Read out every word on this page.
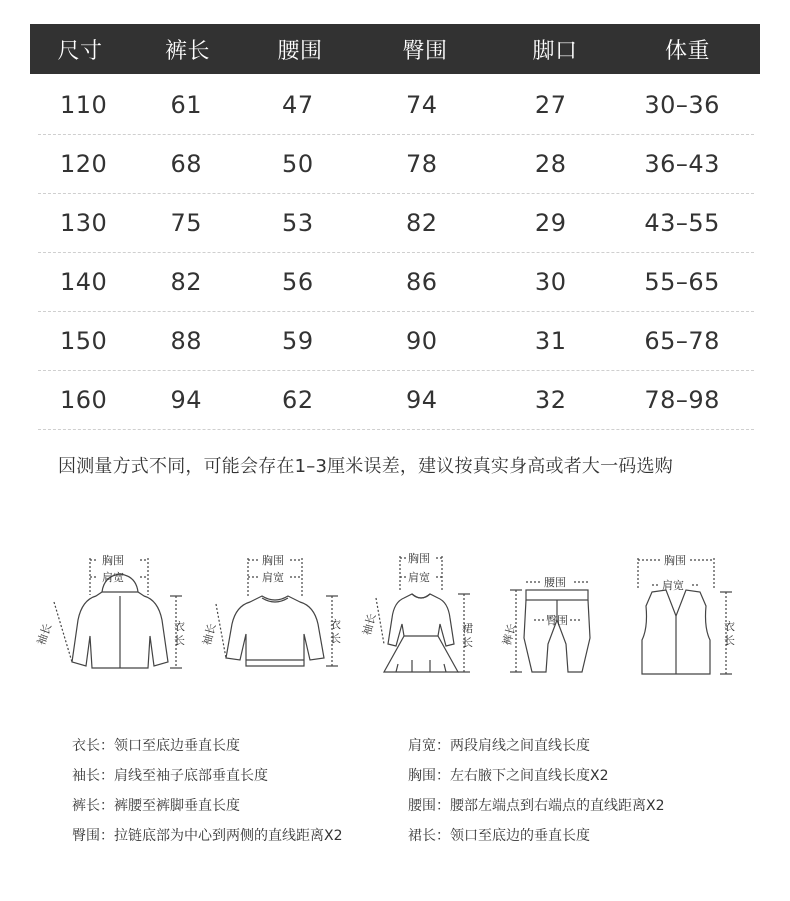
尺寸	裤长	腰围	臀围	脚口	体重
110	61	47	74	27	30–36
120	68	50	78	28	36–43
130	75	53	82	29	43–55
140	82	56	86	30	55–65
150	88	59	90	31	65–78
160	94	62	94	32	78–98
因测量方式不同，可能会存在1–3厘米误差，建议按真实身高或者大一码选购
胸围
肩宽
袖长	衣
长
胸围
肩宽
袖长	衣
长
胸围
肩宽
袖长	裙
长
腰围
臀围
裤长
胸围
肩宽
衣
长
衣长：领口至底边垂直长度	肩宽：两段肩线之间直线长度
袖长：肩线至袖子底部垂直长度	胸围：左右腋下之间直线长度X2
裤长：裤腰至裤脚垂直长度	腰围：腰部左端点到右端点的直线距离X2
臀围：拉链底部为中心到两侧的直线距离X2	裙长：领口至底边的垂直长度
